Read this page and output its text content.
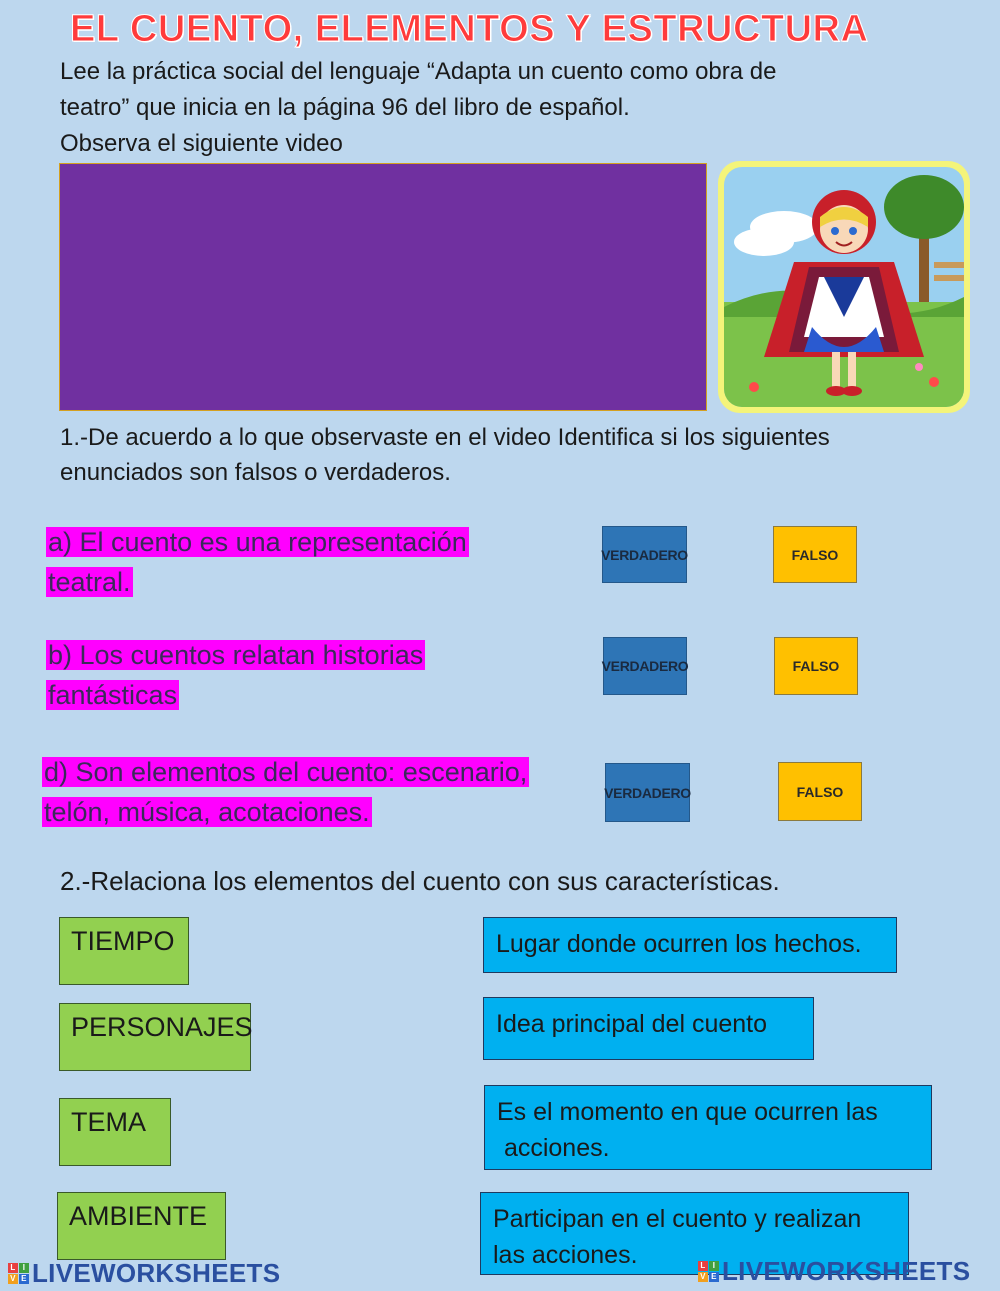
EL CUENTO, ELEMENTOS Y ESTRUCTURA
Lee la práctica social del lenguaje “Adapta un cuento como obra de
teatro” que inicia en la página 96 del libro de español.
Observa el siguiente video
1.-De acuerdo a lo que observaste en el video Identifica si los siguientes
enunciados son falsos o verdaderos.
a) El cuento es una representación
teatral.
VERDADERO	FALSO
b) Los cuentos relatan historias
fantásticas
VERDADERO	FALSO
d) Son elementos del cuento: escenario,
telón, música, acotaciones.
VERDADERO	FALSO
2.-Relaciona los elementos del cuento con sus características.
TIEMPO
PERSONAJES
TEMA
AMBIENTE
Lugar donde ocurren los hechos.
Idea principal del cuento
Es el momento en que ocurren las
acciones.
Participan en el cuento y realizan
las acciones.
L I
V E LIVEWORKSHEETS	L I
V E LIVEWORKSHEETS
